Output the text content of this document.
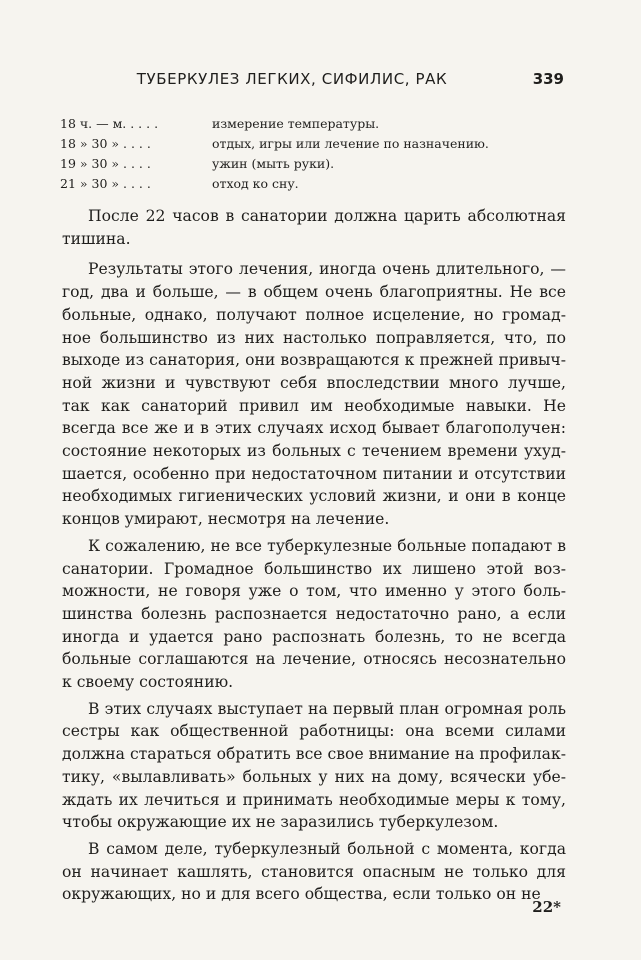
ТУБЕРКУЛЕЗ ЛЕГКИХ, СИФИЛИС, РАК	339
18 ч. — м. . . . .	измерение температуры.
18 » 30 » . . . .	отдых, игры или лечение по назначению.
19 » 30 » . . . .	ужин (мыть руки).
21 » 30 » . . . .	отход ко сну.

После 22 часов в санатории должна царить абсолютная тишина.

Результаты этого лечения, иногда очень длительного, — год, два и больше, — в общем очень благоприятны. Не все больные, однако, получают полное исцеление, но громадное большинство из них настолько поправляется, что, по выходе из санатория, они возвращаются к прежней привычной жизни и чувствуют себя впоследствии много лучше, так как санаторий привил им необходимые навыки. Не всегда все же и в этих случаях исход бывает благополучен: состояние некоторых из больных с течением времени ухудшается, особенно при недостаточном питании и отсутствии необходимых гигиенических условий жизни, и они в конце концов умирают, несмотря на лечение.

К сожалению, не все туберкулезные больные попадают в санатории. Громадное большинство их лишено этой возможности, не говоря уже о том, что именно у этого большинства болезнь распознается недостаточно рано, а если иногда и удается рано распознать болезнь, то не всегда больные соглашаются на лечение, относясь несознательно к своему состоянию.

В этих случаях выступает на первый план огромная роль сестры как общественной работницы: она всеми силами должна стараться обратить все свое внимание на профилактику, «вылавливать» больных у них на дому, всячески убеждать их лечиться и принимать необходимые меры к тому, чтобы окружающие их не заразились туберкулезом.

В самом деле, туберкулезный больной с момента, когда он начинает кашлять, становится опасным не только для окружающих, но и для всего общества, если только он не

22*
